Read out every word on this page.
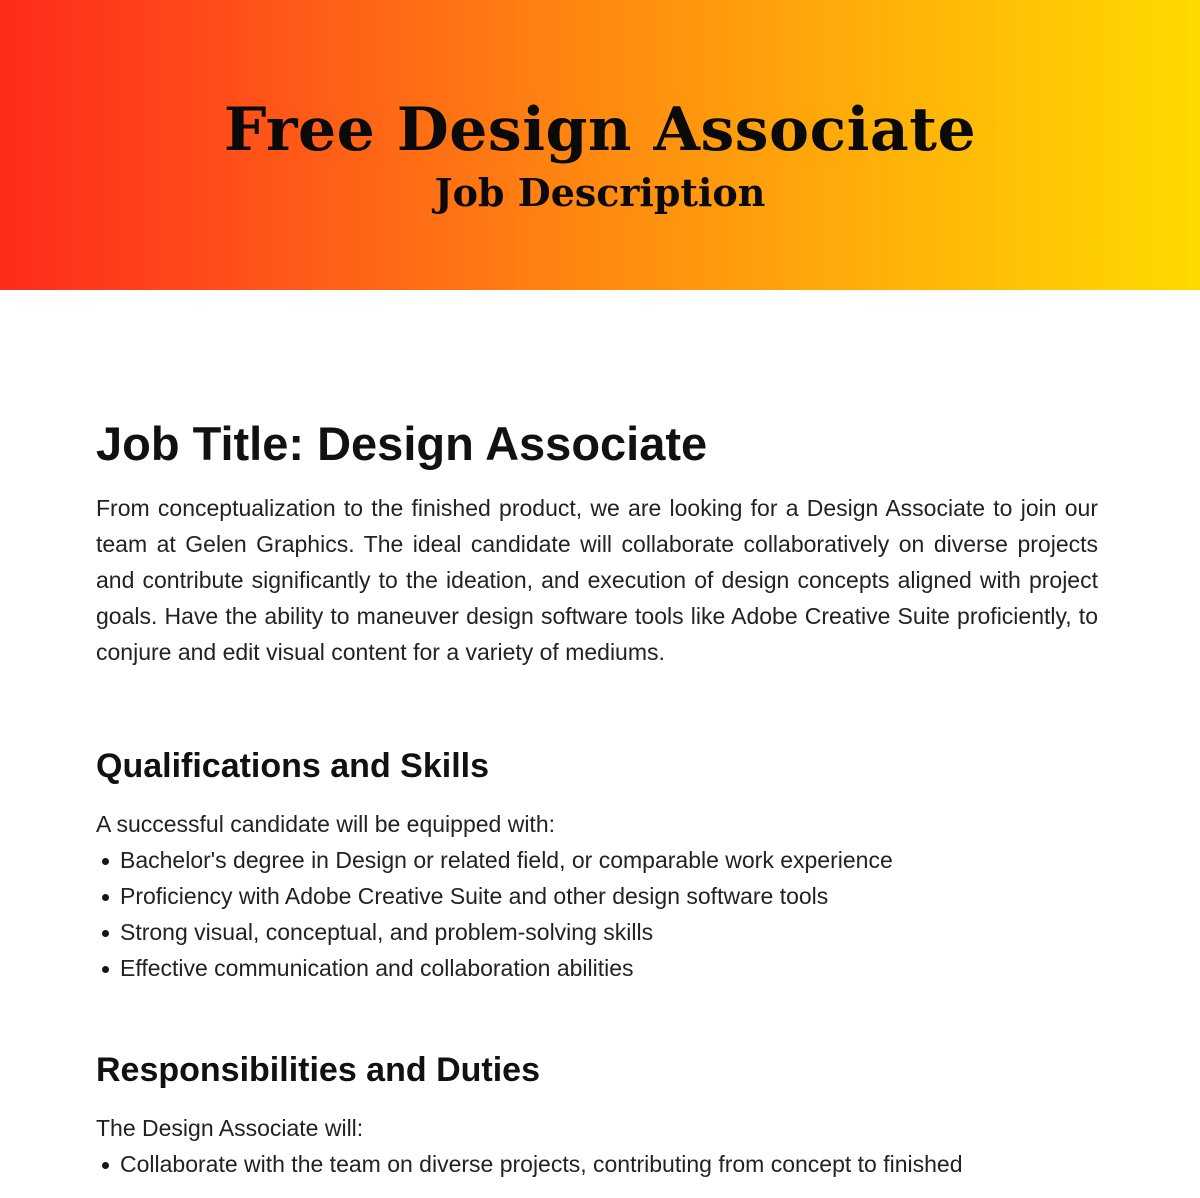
Free Design Associate
Job Description
Job Title: Design Associate

From conceptualization to the finished product, we are looking for a Design Associate to join our team at Gelen Graphics. The ideal candidate will collaborate collaboratively on diverse projects and contribute significantly to the ideation, and execution of design concepts aligned with project goals. Have the ability to maneuver design software tools like Adobe Creative Suite proficiently, to conjure and edit visual content for a variety of mediums.

Qualifications and Skills

A successful candidate will be equipped with:

Bachelor's degree in Design or related field, or comparable work experience
Proficiency with Adobe Creative Suite and other design software tools
Strong visual, conceptual, and problem-solving skills
Effective communication and collaboration abilities
Responsibilities and Duties

The Design Associate will:

Collaborate with the team on diverse projects, contributing from concept to finished
